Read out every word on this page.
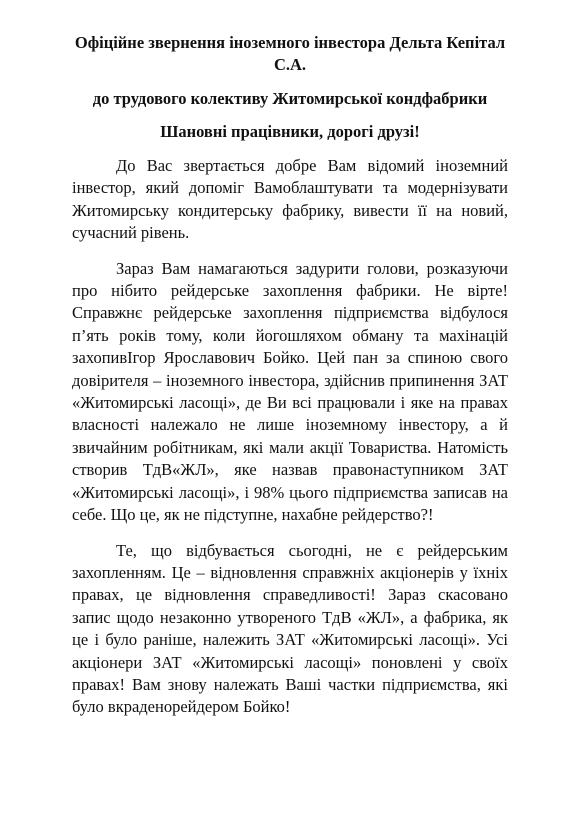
Офіційне звернення іноземного інвестора Дельта Кепітал С.А.
до трудового колективу Житомирської кондфабрики

Шановні працівники, дорогі друзі!

До Вас звертається добре Вам відомий іноземний інвестор, який допоміг Вамоблаштувати та модернізувати Житомирську кондитерську фабрику, вивести її на новий, сучасний рівень.

Зараз Вам намагаються задурити голови, розказуючи про нібито рейдерське захоплення фабрики. Не вірте! Справжнє рейдерське захоплення підприємства відбулося п’ять років тому, коли йогошляхом обману та махінацій захопивІгор Ярославович Бойко. Цей пан за спиною свого довірителя – іноземного інвестора, здійснив припинення ЗАТ «Житомирські ласощі», де Ви всі працювали і яке на правах власності належало не лише іноземному інвестору, а й звичайним робітникам, які мали акції Товариства. Натомість створив ТдВ«ЖЛ», яке назвав правонаступником ЗАТ «Житомирські ласощі», і 98% цього підприємства записав на себе. Що це, як не підступне, нахабне рейдерство?!

Те, що відбувається сьогодні, не є рейдерським захопленням. Це – відновлення справжніх акціонерів у їхніх правах, це відновлення справедливості! Зараз скасовано запис щодо незаконно утвореного ТдВ «ЖЛ», а фабрика, як це і було раніше, належить ЗАТ «Житомирські ласощі». Усі акціонери ЗАТ «Житомирські ласощі» поновлені у своїх правах! Вам знову належать Ваші частки підприємства, які було вкраденорейдером Бойко!
